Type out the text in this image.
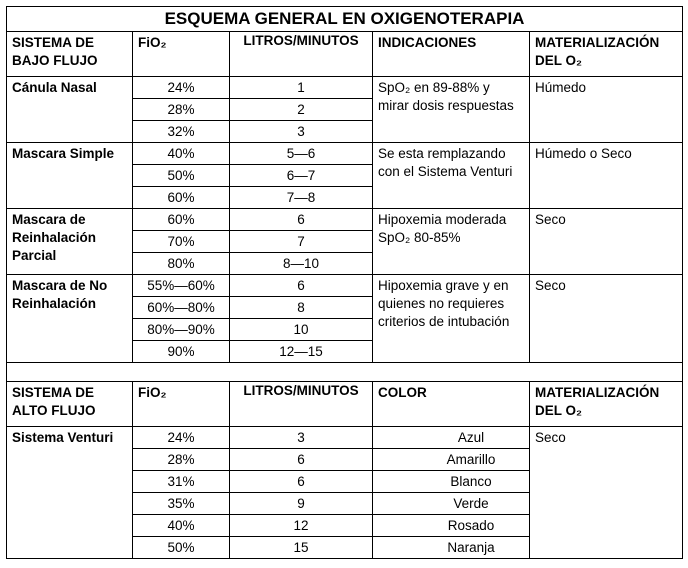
ESQUEMA GENERAL EN OXIGENOTERAPIA				
SISTEMA DE BAJO FLUJO	FiO₂	LITROS/MINUTOS	INDICACIONES	MATERIALIZACIÓN DEL O₂
Cánula Nasal	24%	1	SpO₂ en 89-88% y mirar dosis respuestas	Húmedo
	28%	2		
	32%	3		
Mascara Simple	40%	5—6	Se esta remplazando con el Sistema Venturi	Húmedo o Seco
	50%	6—7		
	60%	7—8		
Mascara de Reinhalación Parcial	60%	6	Hipoxemia moderada SpO₂ 80-85%	Seco
	70%	7		
	80%	8—10		
Mascara de No Reinhalación	55%—60%	6	Hipoxemia grave y en quienes no requieres criterios de intubación	Seco
	60%—80%	8		
	80%—90%	10		
	90%	12—15		

SISTEMA DE ALTO FLUJO	FiO₂	LITROS/MINUTOS	COLOR	MATERIALIZACIÓN DEL O₂
Sistema Venturi	24%	3	Azul	Seco
	28%	6	Amarillo	
	31%	6	Blanco	
	35%	9	Verde	
	40%	12	Rosado	
	50%	15	Naranja	
